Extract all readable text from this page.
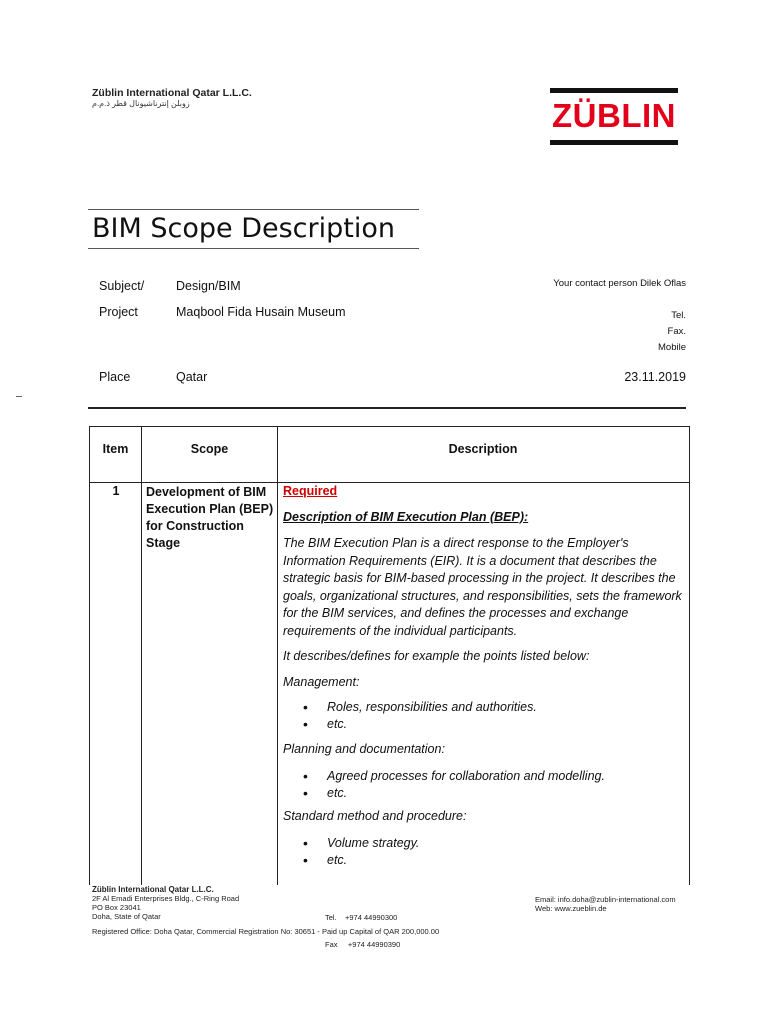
Züblin International Qatar L.L.C.
زوبلن إنترناشيونال قطر ذ.م.م	ZÜBLIN
BIM Scope Description
Subject/	Design/BIM
Project	Maqbool Fida Husain Museum
Place	Qatar
Your contact person Dilek Oflas
Tel.
Fax.
Mobile
23.11.2019
Item	Scope	Description
1	Development of BIM Execution Plan (BEP) for Construction Stage

Required

Description of BIM Execution Plan (BEP):

The BIM Execution Plan is a direct response to the Employer's Information Requirements (EIR). It is a document that describes the strategic basis for BIM-based processing in the project. It describes the goals, organizational structures, and responsibilities, sets the framework for the BIM services, and defines the processes and exchange requirements of the individual participants.

It describes/defines for example the points listed below:

Management:

• Roles, responsibilities and authorities.
• etc.

Planning and documentation:

• Agreed processes for collaboration and modelling.
• etc.

Standard method and procedure:

• Volume strategy.
• etc.
Züblin International Qatar L.L.C.
2F Al Emadi Enterprises Bldg., C-Ring Road
PO Box 23041
Doha, State of Qatar

	Tel.    +974 44990300

Fax     +974 44990390

Email: info.doha@zublin-international.com
Web: www.zueblin.de
Registered Office: Doha Qatar, Commercial Registration No: 30651 - Paid up Capital of QAR 200,000.00
